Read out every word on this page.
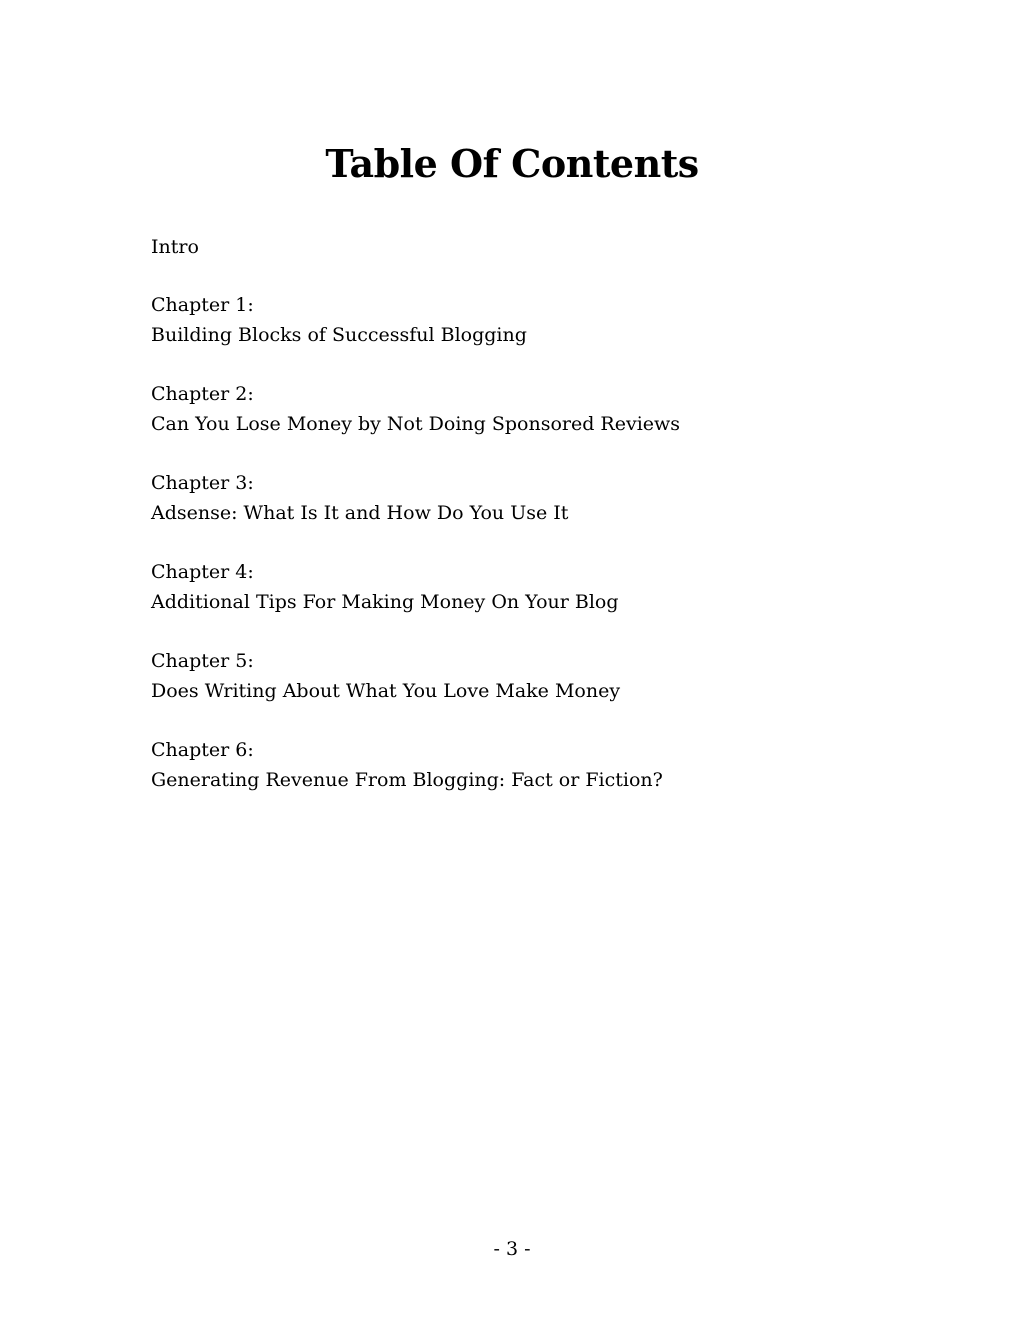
Table Of Contents
Intro
Chapter 1:
Building Blocks of Successful Blogging
Chapter 2:
Can You Lose Money by Not Doing Sponsored Reviews
Chapter 3:
Adsense: What Is It and How Do You Use It
Chapter 4:
Additional Tips For Making Money On Your Blog
Chapter 5:
Does Writing About What You Love Make Money
Chapter 6:
Generating Revenue From Blogging: Fact or Fiction?
- 3 -
